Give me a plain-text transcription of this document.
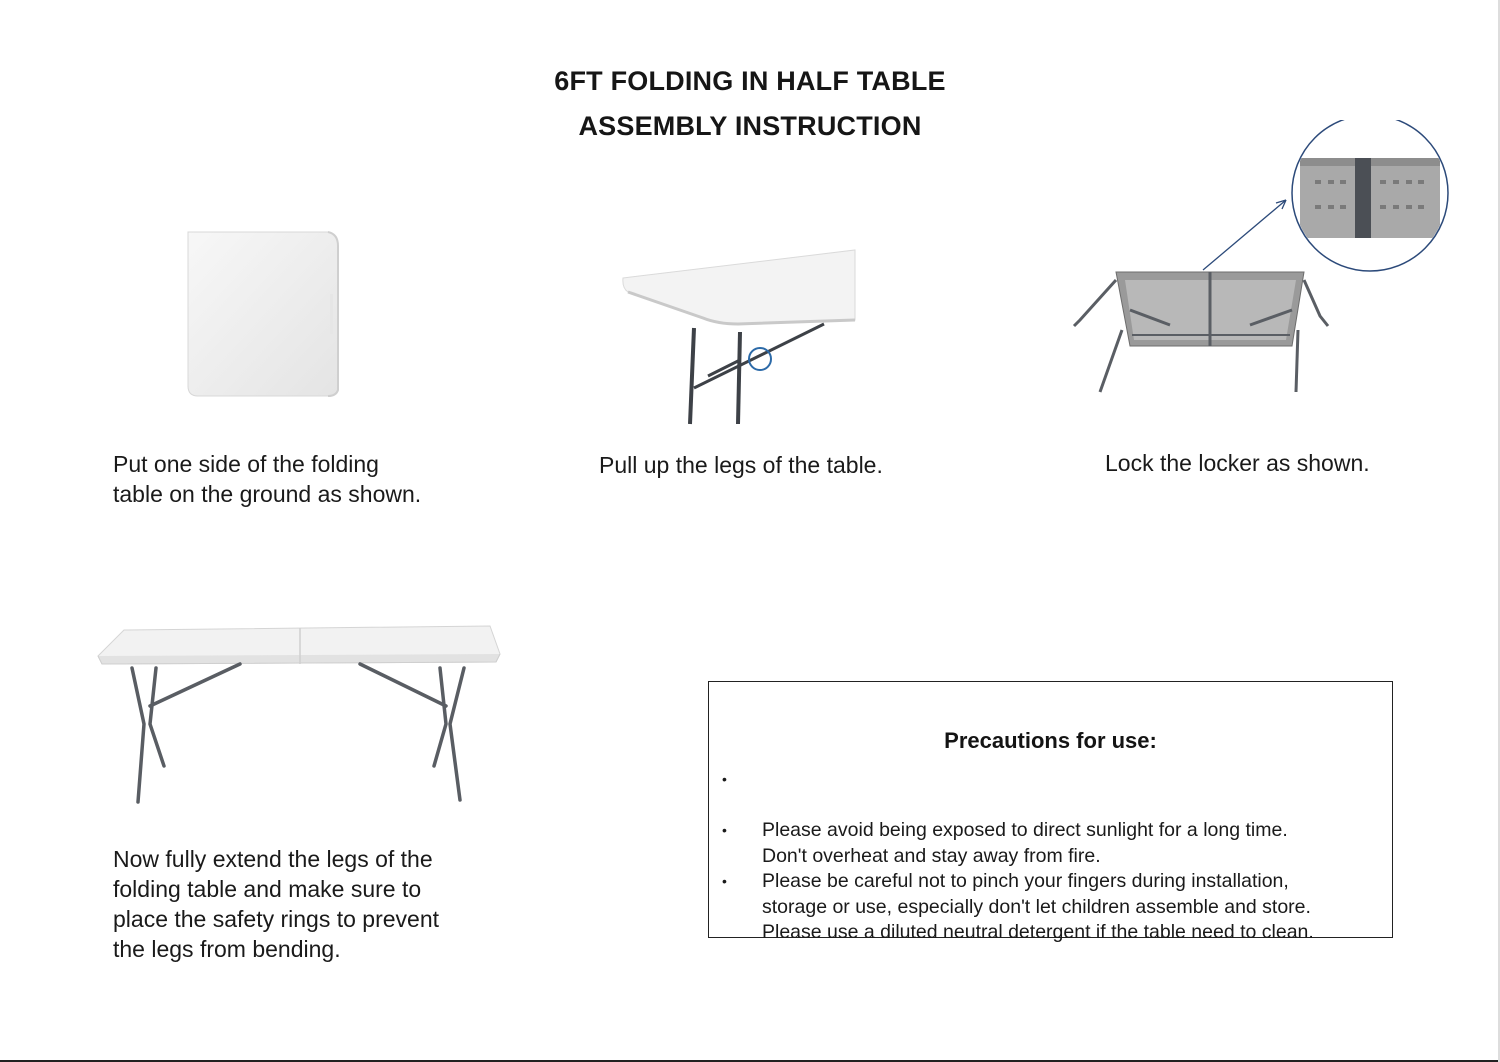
6FT FOLDING IN HALF TABLE
ASSEMBLY INSTRUCTION
Put one side of the folding
table on the ground as shown.
Pull up the legs of the table.	Lock the locker as shown.
Now fully extend the legs of the
folding table and make sure to
place the safety rings to prevent
the legs from bending.
Precautions for use:

•

Please avoid being exposed to direct sunlight for a long time.
Don't overheat and stay away from fire.

•

Please be careful not to pinch your fingers during installation,
storage or use, especially don't let children assemble and store.

•

Please use a diluted neutral detergent if the table need to clean.
